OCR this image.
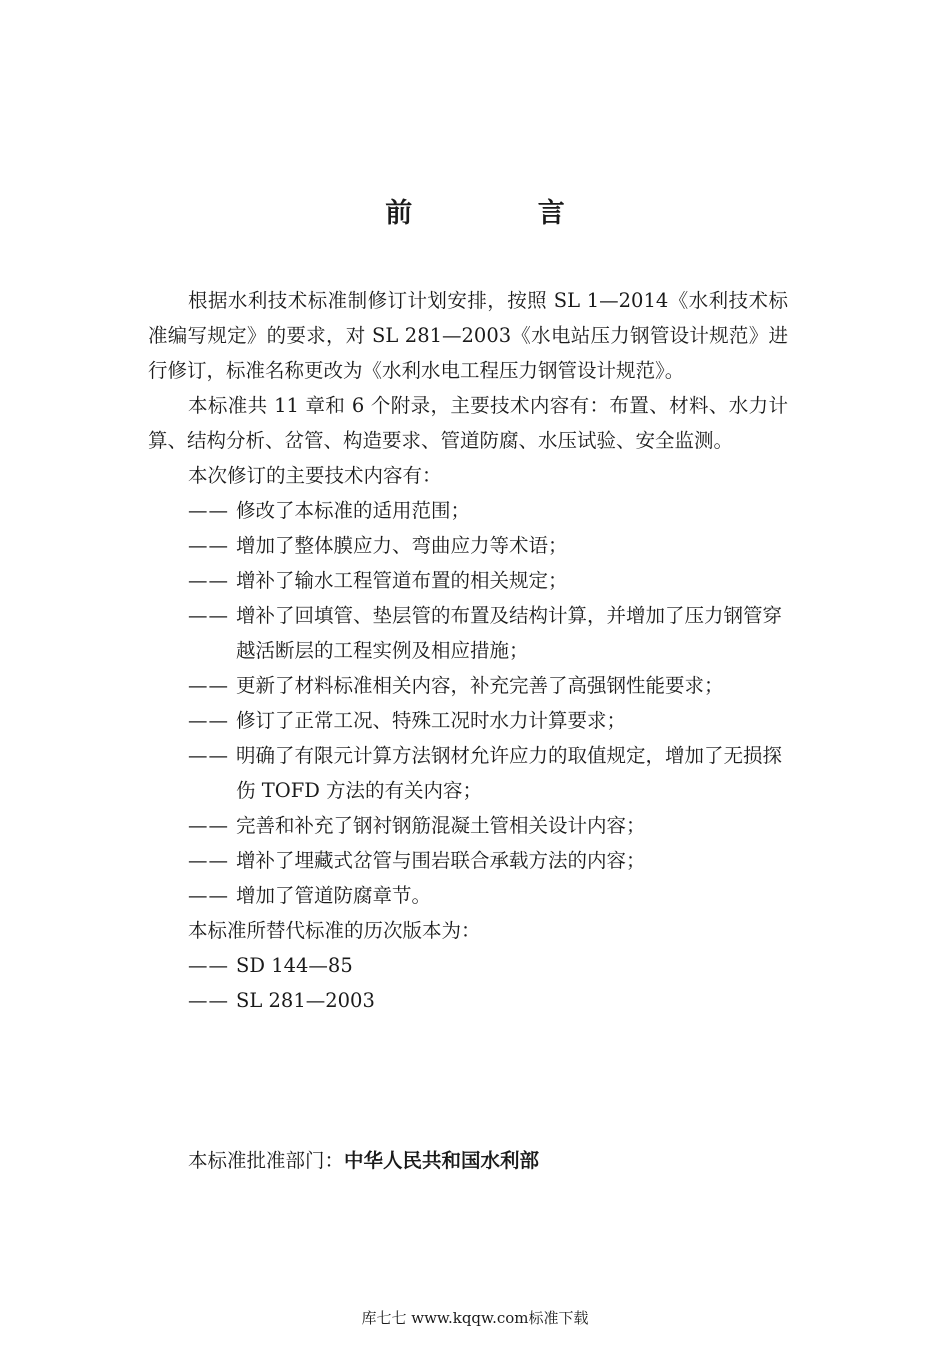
前 言

根据水利技术标准制修订计划安排，按照 SL 1—2014《水利技术标准编写规定》的要求，对 SL 281—2003《水电站压力钢管设计规范》进行修订，标准名称更改为《水利水电工程压力钢管设计规范》。

本标准共 11 章和 6 个附录，主要技术内容有：布置、材料、水力计算、结构分析、岔管、构造要求、管道防腐、水压试验、安全监测。

本次修订的主要技术内容有：

—— 修改了本标准的适用范围；

—— 增加了整体膜应力、弯曲应力等术语；

—— 增补了输水工程管道布置的相关规定；

—— 增补了回填管、垫层管的布置及结构计算，并增加了压力钢管穿越活断层的工程实例及相应措施；

—— 更新了材料标准相关内容，补充完善了高强钢性能要求；

—— 修订了正常工况、特殊工况时水力计算要求；

—— 明确了有限元计算方法钢材允许应力的取值规定，增加了无损探伤 TOFD 方法的有关内容；

—— 完善和补充了钢衬钢筋混凝土管相关设计内容；

—— 增补了埋藏式岔管与围岩联合承载方法的内容；

—— 增加了管道防腐章节。

本标准所替代标准的历次版本为：

—— SD 144—85

—— SL 281—2003

本标准批准部门：中华人民共和国水利部
库七七 www.kqqw.com标准下载
